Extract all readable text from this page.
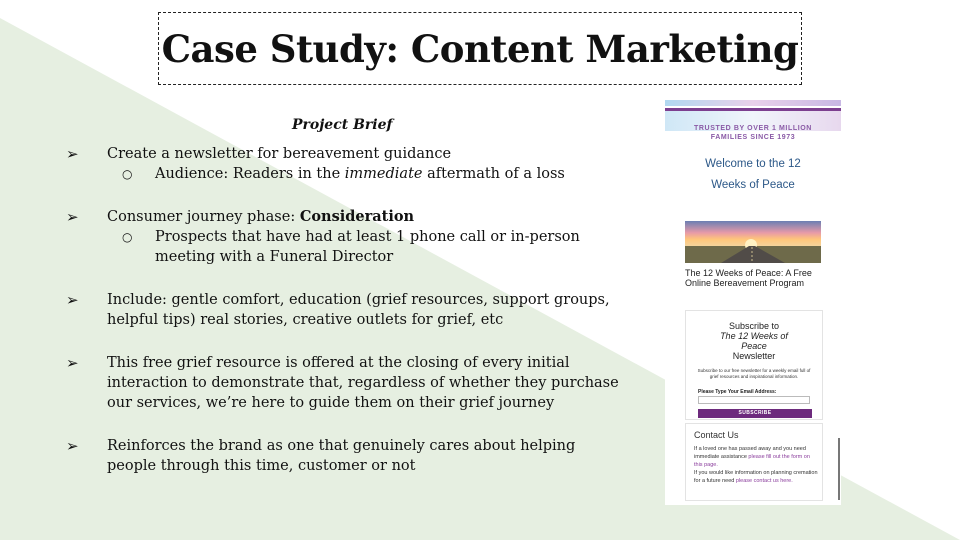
Case Study: Content Marketing
Project Brief
➢ Create a newsletter for bereavement guidance
○ Audience: Readers in the immediate aftermath of a loss
➢ Consumer journey phase: Consideration
○ Prospects that have had at least 1 phone call or in-person meeting with a Funeral Director
➢ Include: gentle comfort, education (grief resources, support groups, helpful tips) real stories, creative outlets for grief, etc
➢ This free grief resource is offered at the closing of every initial interaction to demonstrate that, regardless of whether they purchase our services, we’re here to guide them on their grief journey
➢ Reinforces the brand as one that genuinely cares about helping people through this time, customer or not
TRUSTED BY OVER 1 MILLION
FAMILIES SINCE 1973
Welcome to the 12
Weeks of Peace
The 12 Weeks of Peace: A Free Online Bereavement Program
Subscribe to
The 12 Weeks of
Peace
Newsletter
Subscribe to our free newsletter for a weekly email full of grief resources and inspirational information.
Please Type Your Email Address:
SUBSCRIBE
Contact Us
If a loved one has passed away and you need immediate assistance please fill out the form on this page.
If you would like information on planning cremation for a future need please contact us here.
